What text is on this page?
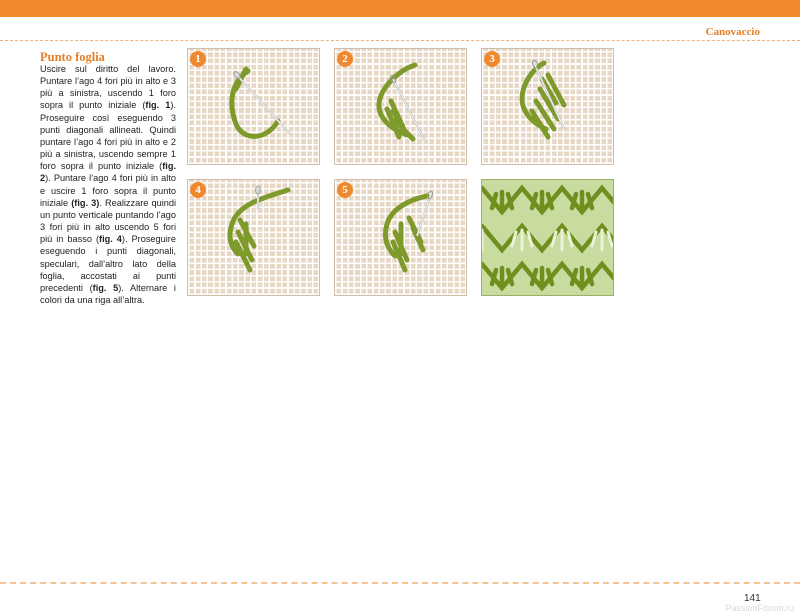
Canovaccio
Punto foglia
Uscire sul diritto del lavoro. Puntare l’ago 4 fori più in alto e 3 più a sinistra, uscendo 1 foro sopra il punto iniziale (fig. 1). Proseguire così eseguendo 3 punti diagonali allineati. Quindi puntare l’ago 4 fori più in alto e 2 più a sinistra, uscendo sempre 1 foro sopra il punto iniziale (fig. 2). Puntare l’ago 4 fori più in alto e uscire 1 foro sopra il punto iniziale (fig. 3). Realizzare quindi un punto verticale puntando l’ago 3 fori più in alto uscendo 5 fori più in basso (fig. 4). Proseguire eseguendo i punti diagonali, speculari, dall’altro lato della foglia, accostati ai punti precedenti (fig. 5). Alternare i colori da una riga all’altra.
1	2	3
4	5
141
PassionForum.ru
